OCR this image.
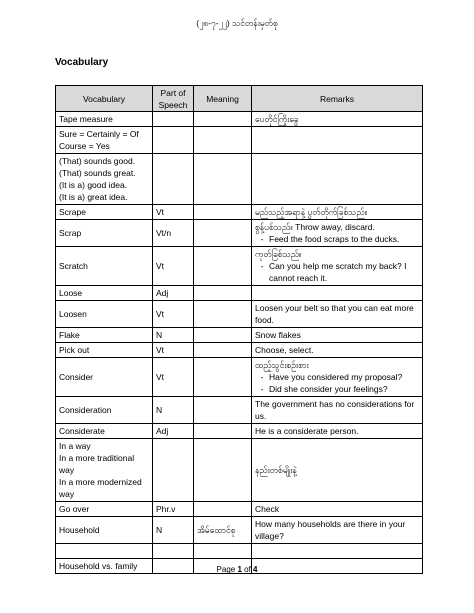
(၂၈-၇-၂၂) သင်တန်းမှတ်စု
Vocabulary
Vocabulary	Part of Speech	Meaning	Remarks

Tape measure			ပေတိုင်ကြိုးခွေ

Sure = Certainly = Of Course = Yes			

(That) sounds good.
(That) sounds great.
(It is a) good idea.
(It is a) great idea.			

Scrape	Vt		မည်သည့်အရာနဲ့ ပွတ်တိုက်ခြစ်သည်။

Scrap	Vt/n		စွန့်ပစ်သည်။ Throw away, discard.
- Feed the food scraps to the ducks.

Scratch	Vt		ကုတ်ခြစ်သည်။
- Can you help me scratch my back? I cannot reach it.

Loose	Adj		

Loosen	Vt		Loosen your belt so that you can eat more food.

Flake	N		Snow flakes

Pick out	Vt		Choose, select.

Consider	Vt		ထည့်သွင်းစဉ်းစား
- Have you considered my proposal?
- Did she consider your feelings?

Consideration	N		The government has no considerations for us.

Considerate	Adj		He is a considerate person.

In a way
In a more traditional way
In a more modernized way			နည်းတစ်မျိုးနဲ့

Go over	Phr.v		Check

Household	N	အိမ်ထောင်စု	How many households are there in your village?

Household vs. family			
				Page 1 of 4
